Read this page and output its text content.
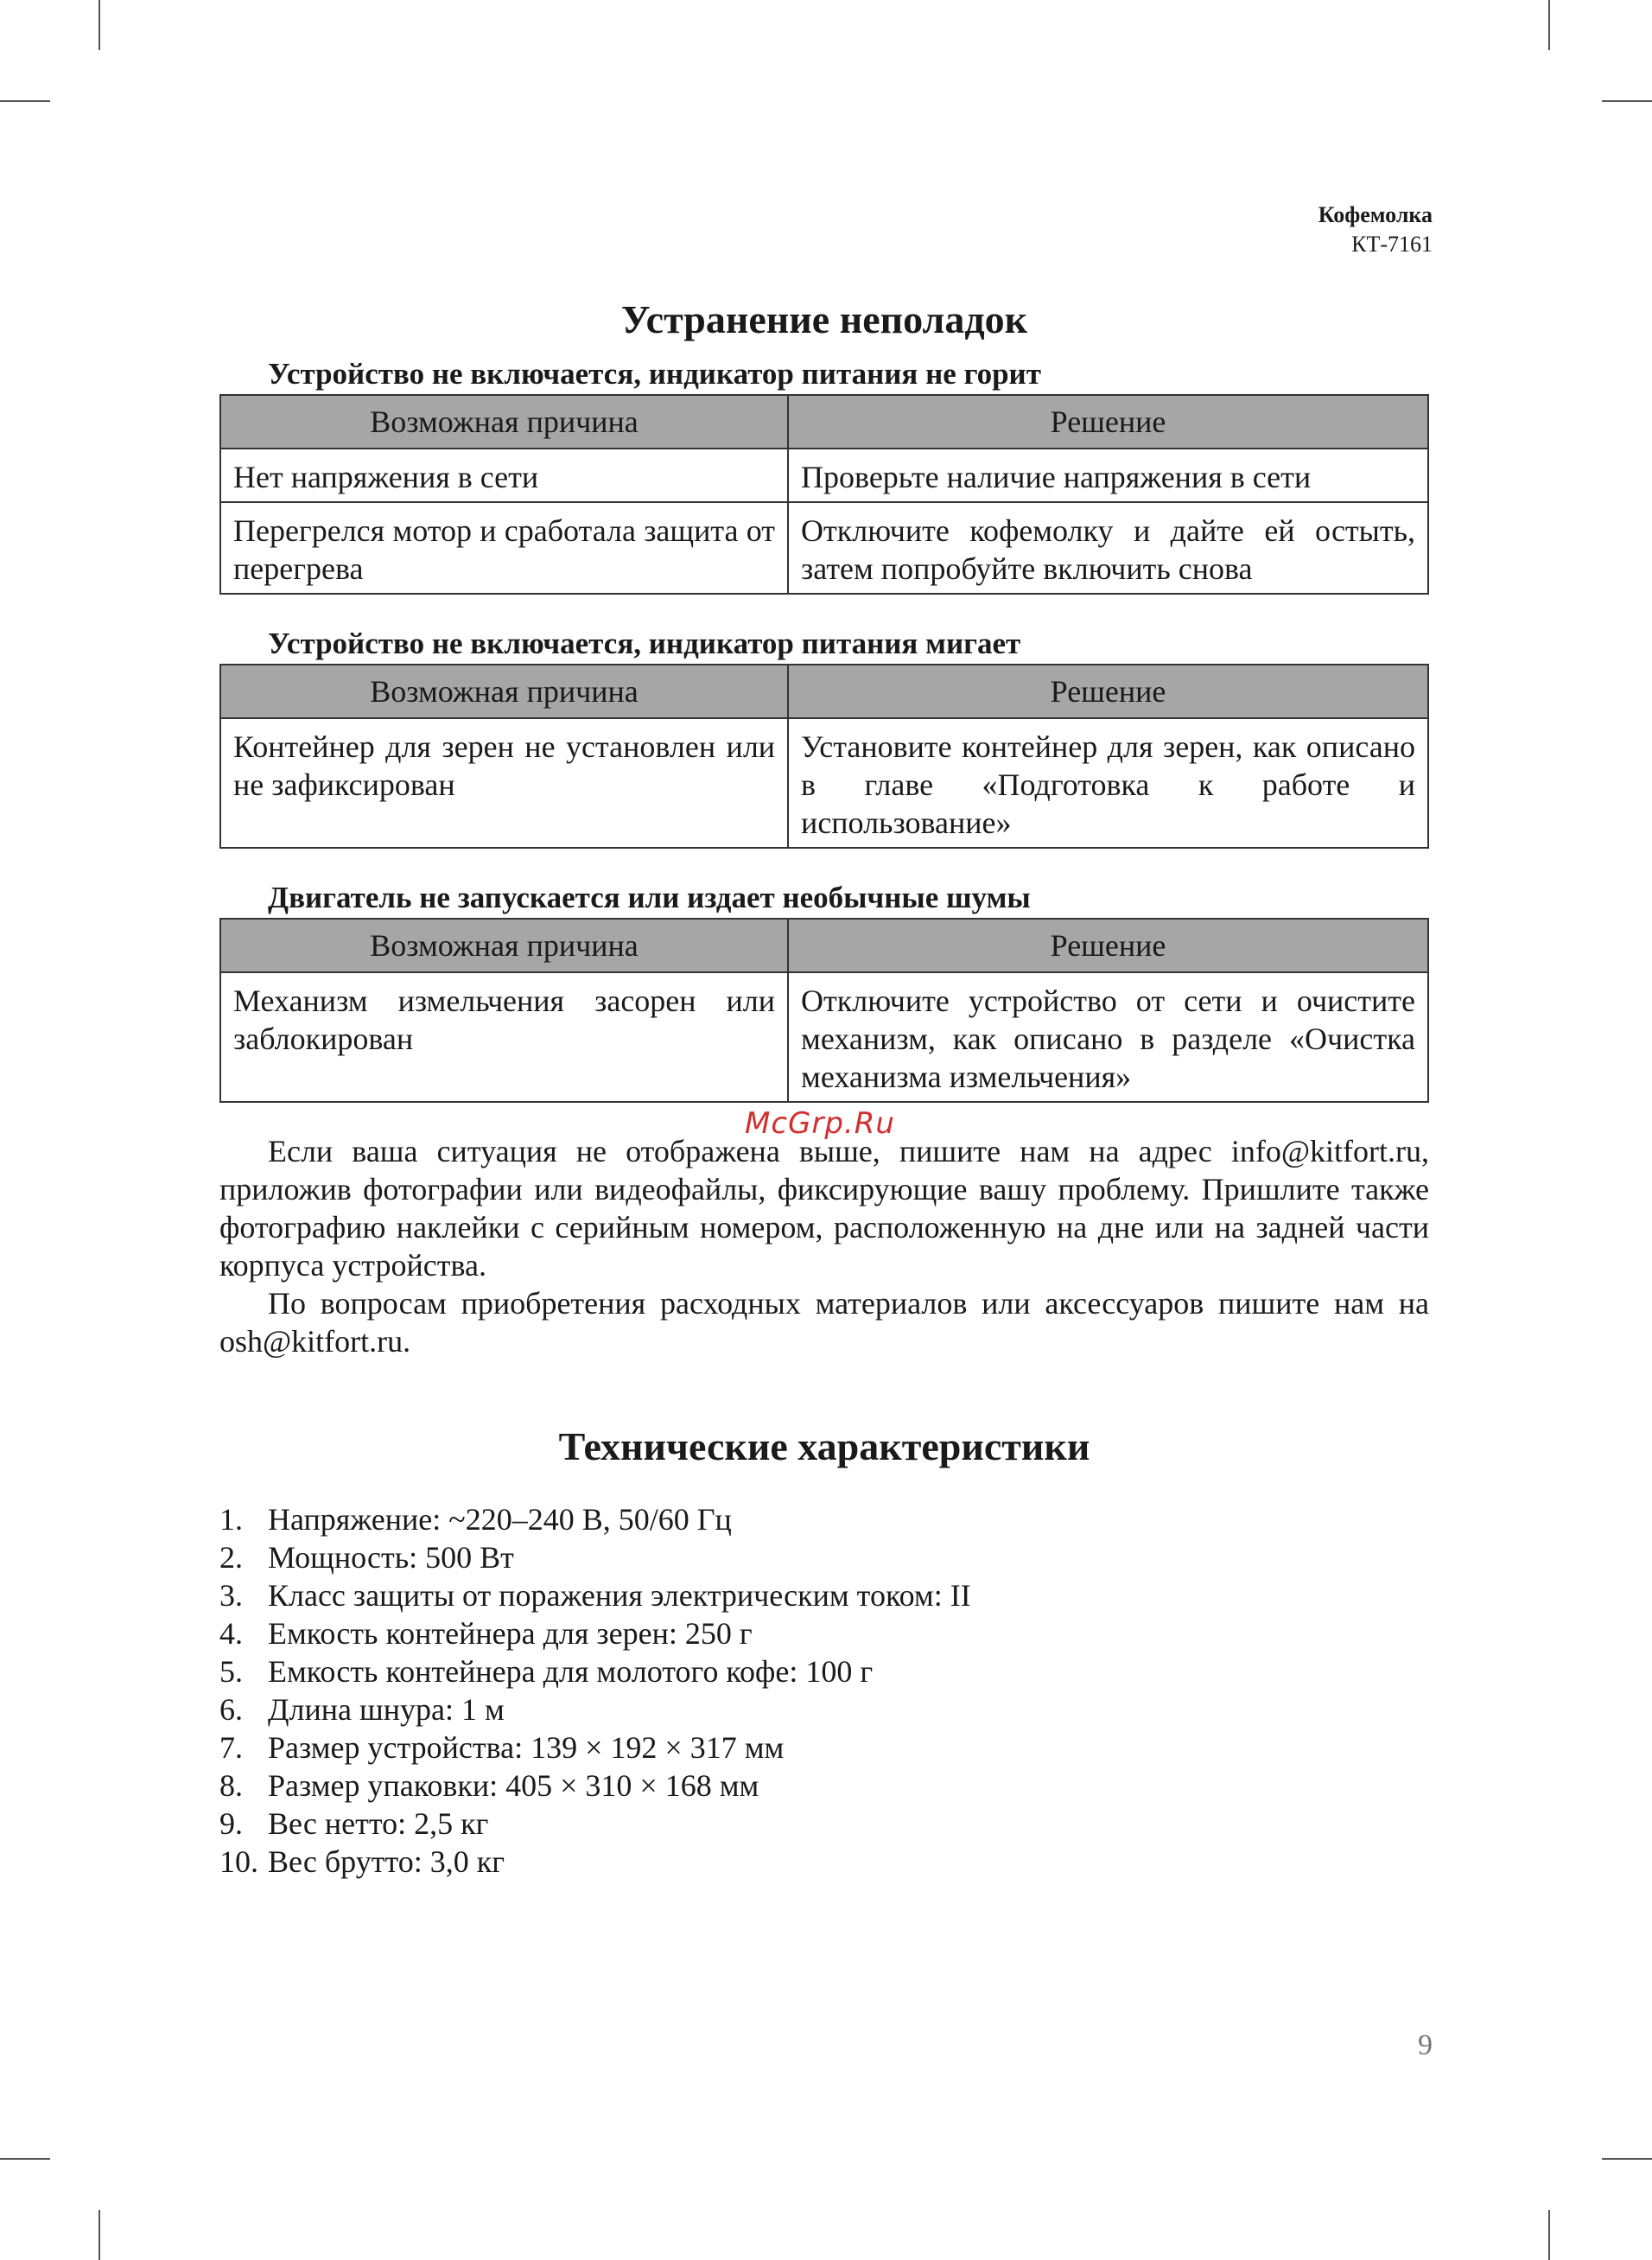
Кофемолка
КТ-7161
Устранение неполадок
Устройство не включается, индикатор питания не горит
Возможная причина	Решение
Нет напряжения в сети	Проверьте наличие напряжения в сети
Перегрелся мотор и сработала защита от перегрева	Отключите кофемолку и дайте ей остыть, затем попробуйте включить снова
Устройство не включается, индикатор питания мигает
Возможная причина	Решение
Контейнер для зерен не установлен или не зафиксирован	Установите контейнер для зерен, как описано в главе «Подготовка к работе и использование»
Двигатель не запускается или издает необычные шумы
Возможная причина	Решение
Механизм измельчения засорен или заблокирован	Отключите устройство от сети и очистите механизм, как описано в разделе «Очистка механизма измельчения»

Если ваша ситуация не отображена выше, пишите нам на адрес info@kitfort.ru, приложив фотографии или видеофайлы, фиксирующие вашу проблему. Пришлите также фотографию наклейки с серийным номером, расположенную на дне или на задней части корпуса устройства.

По вопросам приобретения расходных материалов или аксессуаров пишите нам на osh@kitfort.ru.

Технические характеристики
1. Напряжение: ~220–240 В, 50/60 Гц
2. Мощность: 500 Вт
3. Класс защиты от поражения электрическим током: II
4. Емкость контейнера для зерен: 250 г
5. Емкость контейнера для молотого кофе: 100 г
6. Длина шнура: 1 м
7. Размер устройства: 139 × 192 × 317 мм
8. Размер упаковки: 405 × 310 × 168 мм
9. Вес нетто: 2,5 кг
10. Вес брутто: 3,0 кг
McGrp.Ru
9
